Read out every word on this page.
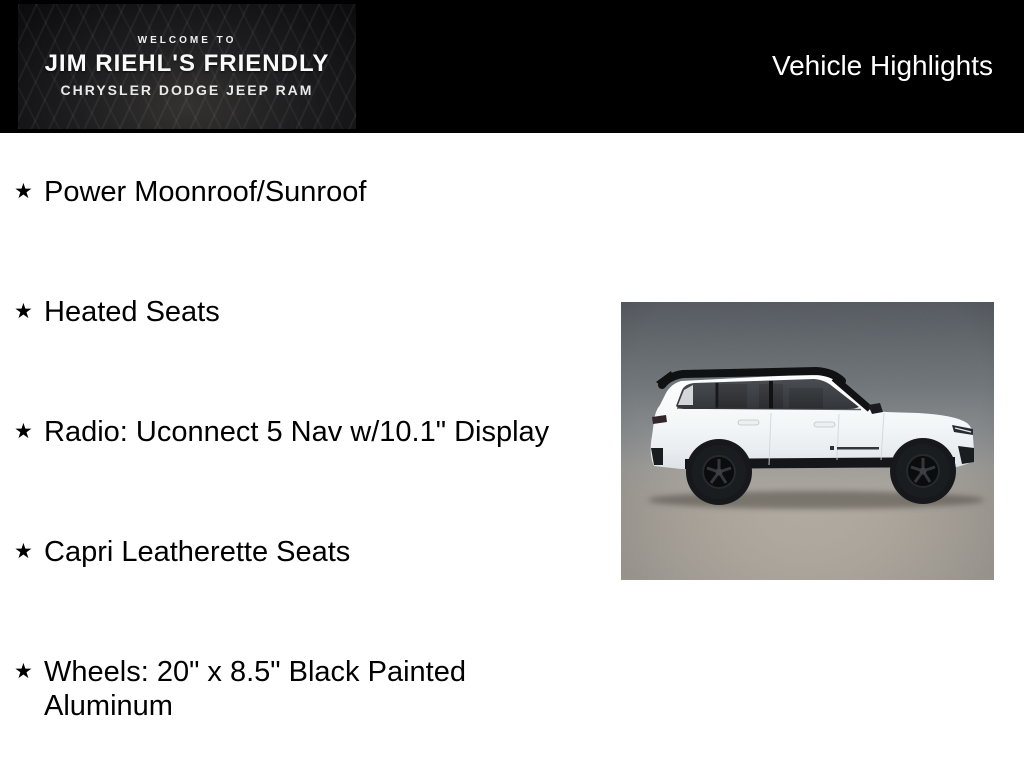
WELCOME TO
JIM RIEHL'S FRIENDLY
CHRYSLER DODGE JEEP RAM
Vehicle Highlights
★ Power Moonroof/Sunroof
★ Heated Seats
★ Radio: Uconnect 5 Nav w/10.1" Display
★ Capri Leatherette Seats
★ Wheels: 20" x 8.5" Black Painted Aluminum
